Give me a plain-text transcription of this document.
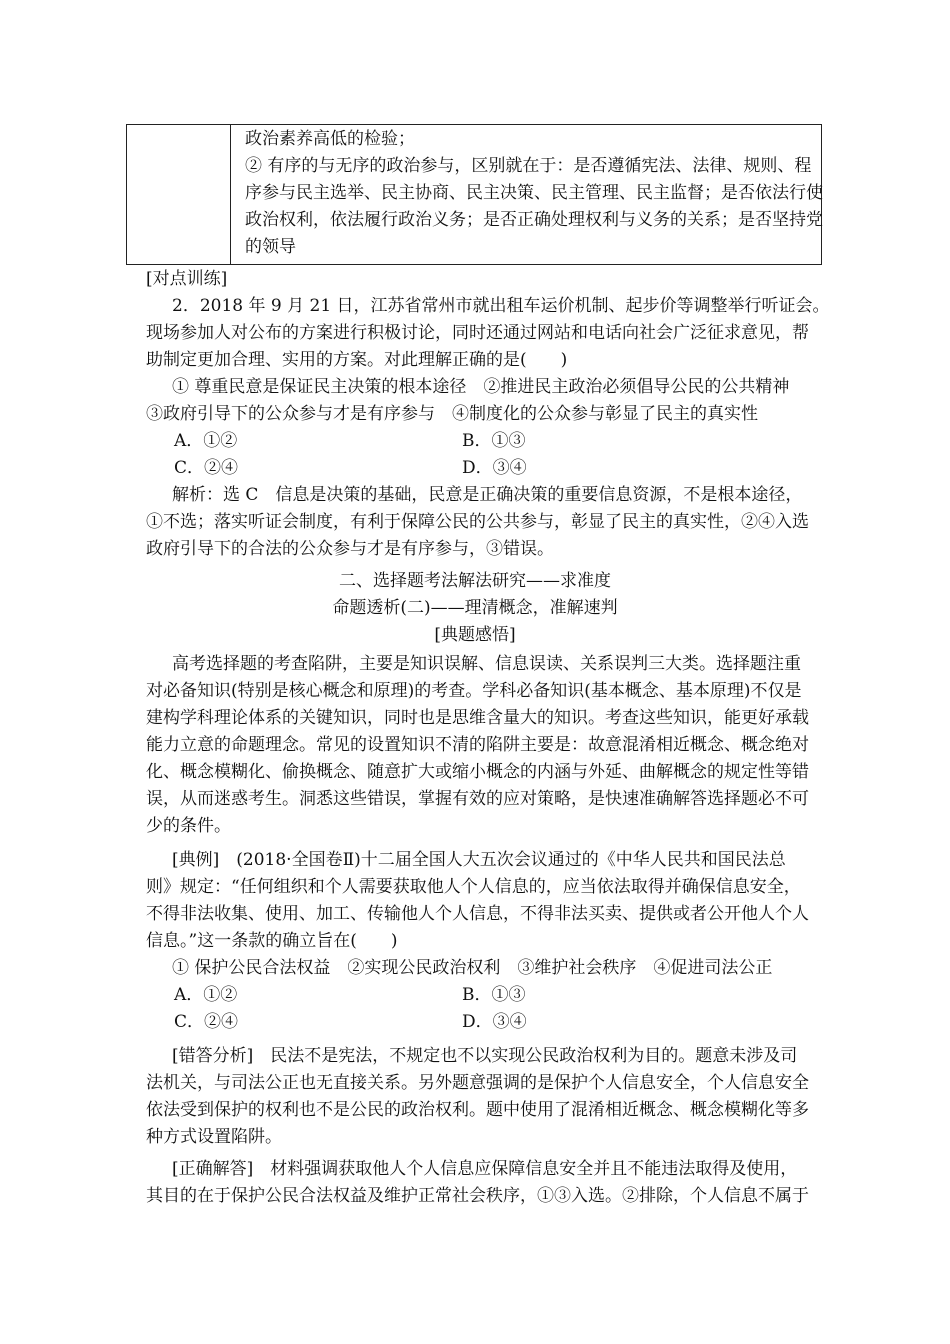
政治素养高低的检验；
② 有序的与无序的政治参与，区别就在于：是否遵循宪法、法律、规则、程
序参与民主选举、民主协商、民主决策、民主管理、民主监督；是否依法行使
政治权利，依法履行政治义务；是否正确处理权利与义务的关系；是否坚持党
的领导
[对点训练]
2．2018 年 9 月 21 日，江苏省常州市就出租车运价机制、起步价等调整举行听证会。
现场参加人对公布的方案进行积极讨论，同时还通过网站和电话向社会广泛征求意见，帮
助制定更加合理、实用的方案。对此理解正确的是(　　)
① 尊重民意是保证民主决策的根本途径　②推进民主政治必须倡导公民的公共精神
③政府引导下的公众参与才是有序参与　④制度化的公众参与彰显了民主的真实性
A．①②	B．①③
C．②④	D．③④
解析：选 C　信息是决策的基础，民意是正确决策的重要信息资源，不是根本途径，
①不选；落实听证会制度，有利于保障公民的公共参与，彰显了民主的真实性，②④入选
政府引导下的合法的公众参与才是有序参与，③错误。
二、选择题考法解法研究——求准度
命题透析(二)——理清概念，准解速判
[典题感悟]
高考选择题的考查陷阱，主要是知识误解、信息误读、关系误判三大类。选择题注重
对必备知识(特别是核心概念和原理)的考查。学科必备知识(基本概念、基本原理)不仅是
建构学科理论体系的关键知识，同时也是思维含量大的知识。考查这些知识，能更好承载
能力立意的命题理念。常见的设置知识不清的陷阱主要是：故意混淆相近概念、概念绝对
化、概念模糊化、偷换概念、随意扩大或缩小概念的内涵与外延、曲解概念的规定性等错
误，从而迷惑考生。洞悉这些错误，掌握有效的应对策略，是快速准确解答选择题必不可
少的条件。
[典例]　(2018·全国卷Ⅱ)十二届全国人大五次会议通过的《中华人民共和国民法总
则》规定：“任何组织和个人需要获取他人个人信息的，应当依法取得并确保信息安全，
不得非法收集、使用、加工、传输他人个人信息，不得非法买卖、提供或者公开他人个人
信息。”这一条款的确立旨在(　　)
① 保护公民合法权益　②实现公民政治权利　③维护社会秩序　④促进司法公正
A．①②	B．①③
C．②④	D．③④
[错答分析]　民法不是宪法，不规定也不以实现公民政治权利为目的。题意未涉及司
法机关，与司法公正也无直接关系。另外题意强调的是保护个人信息安全，个人信息安全
依法受到保护的权利也不是公民的政治权利。题中使用了混淆相近概念、概念模糊化等多
种方式设置陷阱。
[正确解答]　材料强调获取他人个人信息应保障信息安全并且不能违法取得及使用，
其目的在于保护公民合法权益及维护正常社会秩序，①③入选。②排除，个人信息不属于
